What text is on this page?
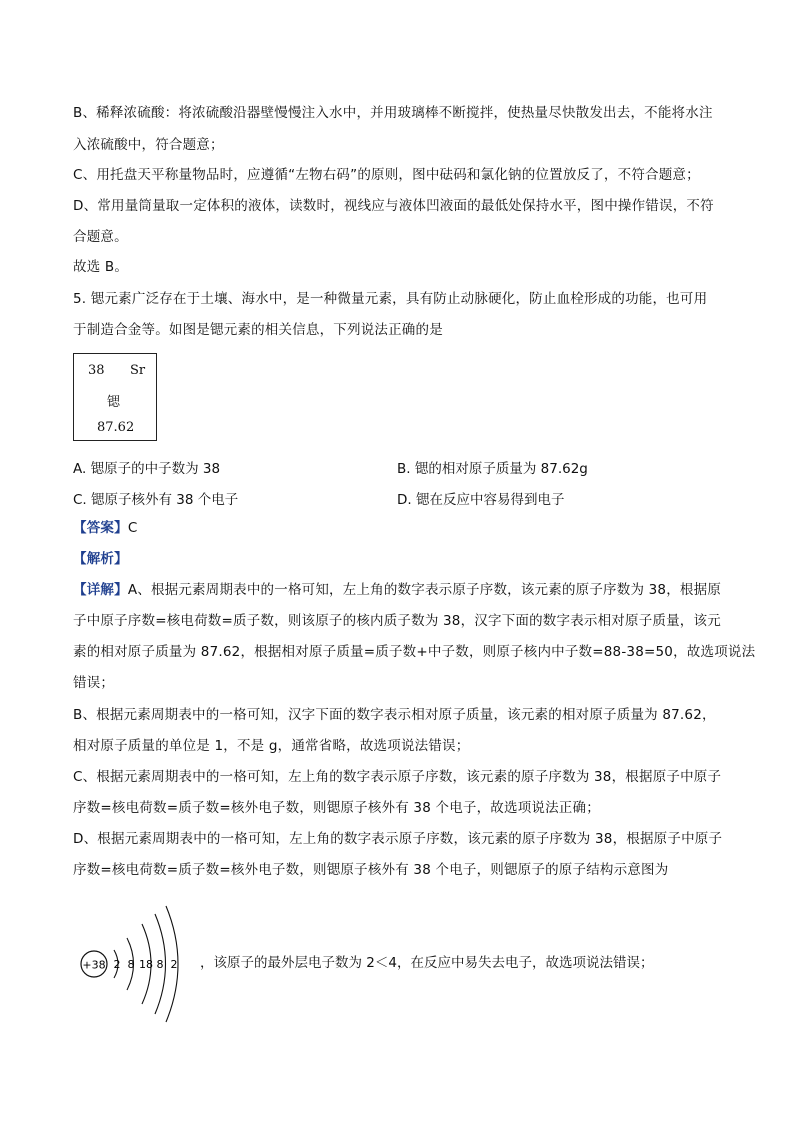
B、稀释浓硫酸：将浓硫酸沿器壁慢慢注入水中，并用玻璃棒不断搅拌，使热量尽快散发出去，不能将水注
入浓硫酸中，符合题意；
C、用托盘天平称量物品时，应遵循“左物右码”的原则，图中砝码和氯化钠的位置放反了，不符合题意；
D、常用量筒量取一定体积的液体，读数时，视线应与液体凹液面的最低处保持水平，图中操作错误，不符
合题意。
故选 B。
5. 锶元素广泛存在于土壤、海水中，是一种微量元素，具有防止动脉硬化，防止血栓形成的功能，也可用
于制造合金等。如图是锶元素的相关信息，下列说法正确的是
38 Sr
锶
87.62
A. 锶原子的中子数为 38	B. 锶的相对原子质量为 87.62g
C. 锶原子核外有 38 个电子	D. 锶在反应中容易得到电子
【答案】C
【解析】
【详解】A、根据元素周期表中的一格可知，左上角的数字表示原子序数，该元素的原子序数为 38，根据原
子中原子序数=核电荷数=质子数，则该原子的核内质子数为 38，汉字下面的数字表示相对原子质量，该元
素的相对原子质量为 87.62，根据相对原子质量=质子数+中子数，则原子核内中子数=88-38=50，故选项说法
错误；
B、根据元素周期表中的一格可知，汉字下面的数字表示相对原子质量，该元素的相对原子质量为 87.62，
相对原子质量的单位是 1，不是 g，通常省略，故选项说法错误；
C、根据元素周期表中的一格可知，左上角的数字表示原子序数，该元素的原子序数为 38，根据原子中原子
序数=核电荷数=质子数=核外电子数，则锶原子核外有 38 个电子，故选项说法正确；
D、根据元素周期表中的一格可知，左上角的数字表示原子序数，该元素的原子序数为 38，根据原子中原子
序数=核电荷数=质子数=核外电子数，则锶原子核外有 38 个电子，则锶原子的原子结构示意图为
+38 2 8 18 8 2 ，该原子的最外层电子数为 2＜4，在反应中易失去电子，故选项说法错误；
